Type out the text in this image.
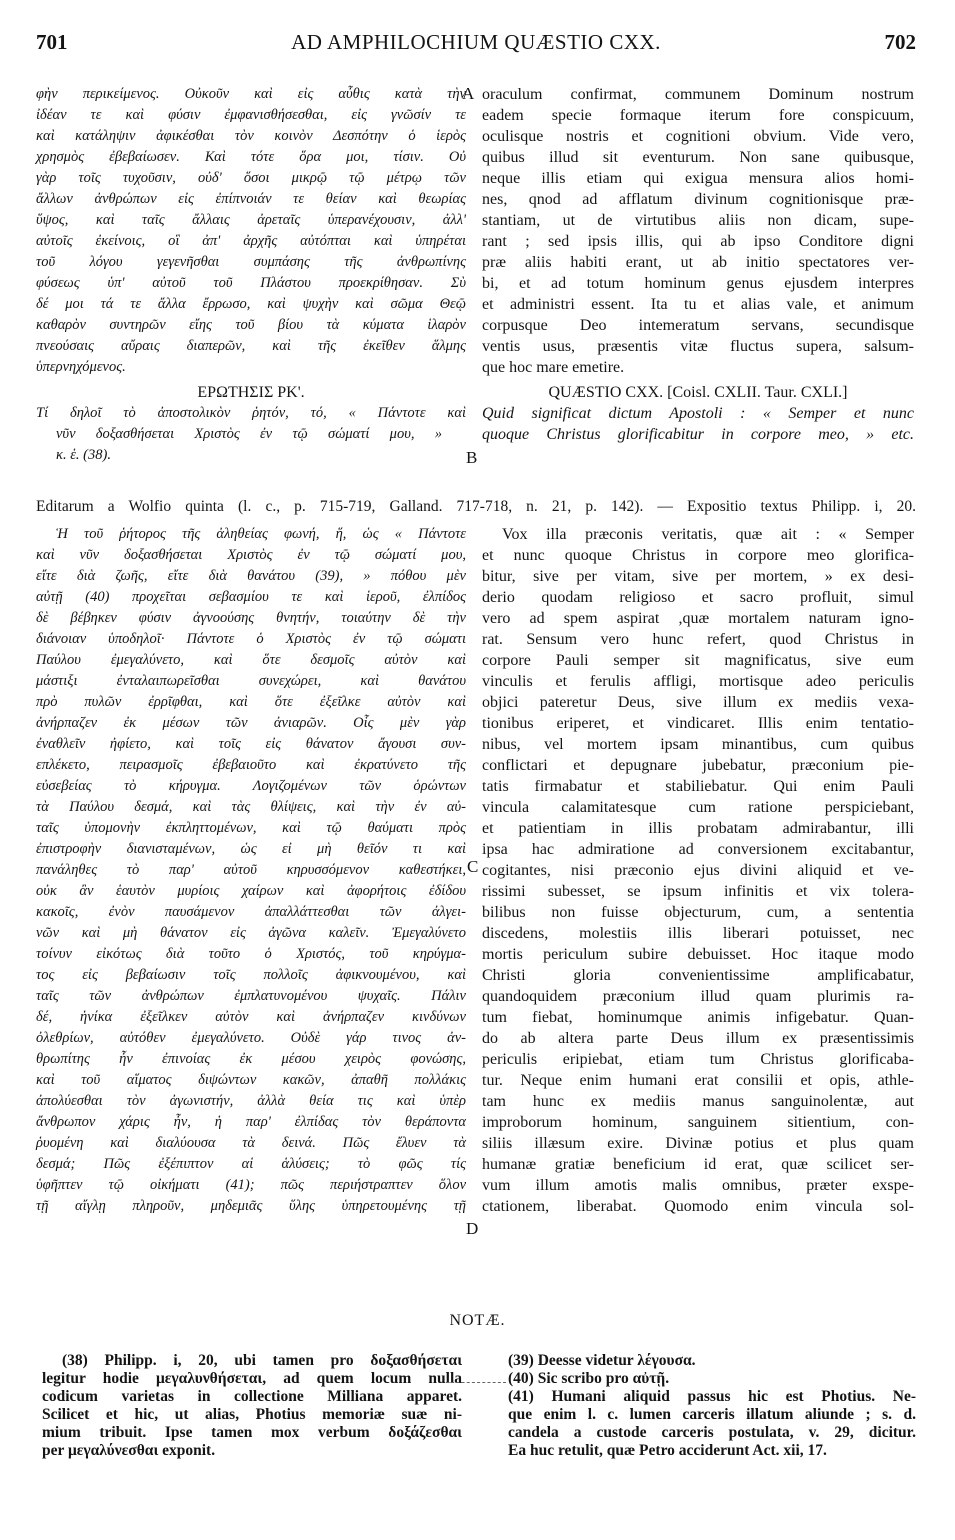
701	AD AMPHILOCHIUM QUÆSTIO CXX.	702
A
B
C
D
φὴν περικείμενος. Οὐκοῦν καὶ εἰς αὖθις κατὰ τὴν
ἰδέαν τε καὶ φύσιν ἐμφανισθήσεσθαι, εἰς γνῶσίν τε
καὶ κατάληψιν ἀφικέσθαι τὸν κοινὸν Δεσπότην ὁ ἱερὸς
χρησμὸς ἐβεβαίωσεν. Καὶ τότε ὅρα μοι, τίσιν. Οὐ
γὰρ τοῖς τυχοῦσιν, οὐδ' ὅσοι μικρῷ τῷ μέτρῳ τῶν
ἄλλων ἀνθρώπων εἰς ἐπίπνοιάν τε θείαν καὶ θεωρίας
ὕψος, καὶ ταῖς ἄλλαις ἀρεταῖς ὑπερανέχουσιν, ἀλλ'
αὐτοῖς ἐκείνοις, οἳ ἀπ' ἀρχῆς αὐτόπται καὶ ὑπηρέται
τοῦ λόγου γεγενῆσθαι συμπάσης τῆς ἀνθρωπίνης
φύσεως ὑπ' αὐτοῦ τοῦ Πλάστου προεκρίθησαν. Σὺ
δέ μοι τά τε ἄλλα ἔρρωσο, καὶ ψυχὴν καὶ σῶμα Θεῷ
καθαρὸν συντηρῶν εἴης τοῦ βίου τὰ κύματα ἱλαρὸν
πνεούσαις αὔραις διαπερῶν, καὶ τῆς ἐκεῖθεν ἅλμης
ὑπερνηχόμενος.
ΕΡΩΤΗΣΙΣ ΡΚ'.
Τί δηλοῖ τὸ ἀποστολικὸν ῥητόν, τό, « Πάντοτε καὶ
νῦν δοξασθήσεται Χριστὸς ἐν τῷ σώματί μου, »
κ. ἑ. (38).
oraculum confirmat, communem Dominum nostrum
eadem specie formaque iterum fore conspicuum,
oculisque nostris et cognitioni obvium. Vide vero,
quibus illud sit eventurum. Non sane quibusque,
neque illis etiam qui exigua mensura alios homi-
nes, qnod ad afflatum divinum cognitionisque præ-
stantiam, ut de virtutibus aliis non dicam, supe-
rant ; sed ipsis illis, qui ab ipso Conditore digni
præ aliis habiti erant, ut ab initio spectatores ver-
bi, et ad totum hominum genus ejusdem interpres
et administri essent. Ita tu et alias vale, et animum
corpusque Deo intemeratum servans, secundisque
ventis usus, præsentis vitæ fluctus supera, salsum-
que hoc mare emetire.
QUÆSTIO CXX. [Coisl. CXLII. Taur. CXLI.]
Quid significat dictum Apostoli : « Semper et nunc
quoque Christus glorificabitur in corpore meo, » etc.
Editarum a Wolfio quinta (l. c., p. 715-719, Galland. 717-718, n. 21, p. 142). — Expositio textus Philipp. i, 20.
Ἡ τοῦ ῥήτορος τῆς ἀληθείας φωνή, ἥ, ὡς « Πάντοτε
καὶ νῦν δοξασθήσεται Χριστὸς ἐν τῷ σώματί μου,
εἴτε διὰ ζωῆς, εἴτε διὰ θανάτου (39), » πόθου μὲν
αὐτῇ (40) προχεῖται σεβασμίου τε καὶ ἱεροῦ, ἐλπίδος
δὲ βέβηκεν φύσιν ἀγνοούσης θνητήν, τοιαύτην δὲ τὴν
διάνοιαν ὑποδηλοῖ· Πάντοτε ὁ Χριστὸς ἐν τῷ σώματι
Παύλου ἐμεγαλύνετο, καὶ ὅτε δεσμοῖς αὐτὸν καὶ
μάστιξι ἐνταλαιπωρεῖσθαι συνεχώρει, καὶ θανάτου
πρὸ πυλῶν ἐρρῖφθαι, καὶ ὅτε ἐξεῖλκε αὐτὸν καὶ
ἀνήρπαζεν ἐκ μέσων τῶν ἀνιαρῶν. Οἷς μὲν γὰρ
ἐναθλεῖν ἠφίετο, καὶ τοῖς εἰς θάνατον ἄγουσι συν-
επλέκετο, πειρασμοῖς ἐβεβαιοῦτο καὶ ἐκρατύνετο τῆς
εὐσεβείας τὸ κήρυγμα. Λογιζομένων τῶν ὁρώντων
τὰ Παύλου δεσμά, καὶ τὰς θλίψεις, καὶ τὴν ἐν αὐ-
ταῖς ὑπομονὴν ἐκπληττομένων, καὶ τῷ θαύματι πρὸς
ἐπιστροφὴν διανισταμένων, ὡς εἰ μὴ θεῖόν τι καὶ
πανάληθες τὸ παρ' αὐτοῦ κηρυσσόμενον καθεστήκει,
οὐκ ἂν ἑαυτὸν μυρίοις χαίρων καὶ ἀφορήτοις ἐδίδου
κακοῖς, ἐνὸν παυσάμενον ἀπαλλάττεσθαι τῶν ἀλγει-
νῶν καὶ μὴ θάνατον εἰς ἀγῶνα καλεῖν. Ἐμεγαλύνετο
τοίνυν εἰκότως διὰ τοῦτο ὁ Χριστός, τοῦ κηρύγμα-
τος εἰς βεβαίωσιν τοῖς πολλοῖς ἀφικνουμένου, καὶ
ταῖς τῶν ἀνθρώπων ἐμπλατυνομένου ψυχαῖς. Πάλιν
δέ, ἡνίκα ἐξεῖλκεν αὐτὸν καὶ ἀνήρπαζεν κινδύνων
ὀλεθρίων, αὐτόθεν ἐμεγαλύνετο. Οὐδὲ γάρ τινος ἀν-
θρωπίτης ἦν ἐπινοίας ἐκ μέσου χειρὸς φονώσης,
καὶ τοῦ αἵματος διψώντων κακῶν, ἀπαθῆ πολλάκις
ἀπολύεσθαι τὸν ἀγωνιστήν, ἀλλὰ θεία τις καὶ ὑπὲρ
ἄνθρωπον χάρις ἦν, ἡ παρ' ἐλπίδας τὸν θεράποντα
ῥυομένη καὶ διαλύουσα τὰ δεινά. Πῶς ἔλυεν τὰ
δεσμά; Πῶς ἐξέπιπτον αἱ ἁλύσεις; τὸ φῶς τίς
ὑφῆπτεν τῷ οἰκήματι (41); πῶς περιήστραπτεν ὅλον
τῇ αἴγλῃ πληροῦν, μηδεμιᾶς ὕλης ὑπηρετουμένης τῇ
Vox illa præconis veritatis, quæ ait : « Semper
et nunc quoque Christus in corpore meo glorifica-
bitur, sive per vitam, sive per mortem, » ex desi-
derio quodam religioso et sacro profluit, simul
vero ad spem aspirat ,quæ mortalem naturam igno-
rat. Sensum vero hunc refert, quod Christus in
corpore Pauli semper sit magnificatus, sive eum
vinculis et ferulis affligi, mortisque adeo periculis
objici pateretur Deus, sive illum ex mediis vexa-
tionibus eriperet, et vindicaret. Illis enim tentatio-
nibus, vel mortem ipsam minantibus, cum quibus
conflictari et depugnare jubebatur, præconium pie-
tatis firmabatur et stabiliebatur. Qui enim Pauli
vincula calamitatesque cum ratione perspiciebant,
et patientiam in illis probatam admirabantur, illi
ipsa hac admiratione ad conversionem excitabantur,
cogitantes, nisi præconio ejus divini aliquid et ve-
rissimi subesset, se ipsum infinitis et vix tolera-
bilibus non fuisse objecturum, cum, a sententia
discedens, molestiis illis liberari potuisset, nec
mortis periculum subire debuisset. Hoc itaque modo
Christi gloria convenientissime amplificabatur,
quandoquidem præconium illud quam plurimis ra-
tum fiebat, hominumque animis infigebatur. Quan-
do ab altera parte Deus illum ex præsentissimis
periculis eripiebat, etiam tum Christus glorificaba-
tur. Neque enim humani erat consilii et opis, athle-
tam hunc ex mediis manus sanguinolentæ, aut
improborum hominum, sanguinem sitientium, con-
siliis illæsum exire. Divinæ potius et plus quam
humanæ gratiæ beneficium id erat, quæ scilicet ser-
vum illum amotis malis omnibus, præter exspe-
ctationem, liberabat. Quomodo enim vincula sol-
NOTÆ.
(38) Philipp. i, 20, ubi tamen pro δοξασθήσεται
legitur hodie μεγαλυνθήσεται, ad quem locum nulla
codicum varietas in collectione Milliana apparet.
Scilicet et hic, ut alias, Photius memoriæ suæ ni-
mium tribuit. Ipse tamen mox verbum δοξάζεσθαι
per μεγαλύνεσθαι exponit.
(39) Deesse videtur λέγουσα.
(40) Sic scribo pro αὐτῇ.
(41) Humani aliquid passus hic est Photius. Ne-
que enim l. c. lumen carceris illatum aliunde ; s. d.
candela a custode carceris postulata, v. 29, dicitur.
Ea huc retulit, quæ Petro acciderunt Act. xii, 17.
